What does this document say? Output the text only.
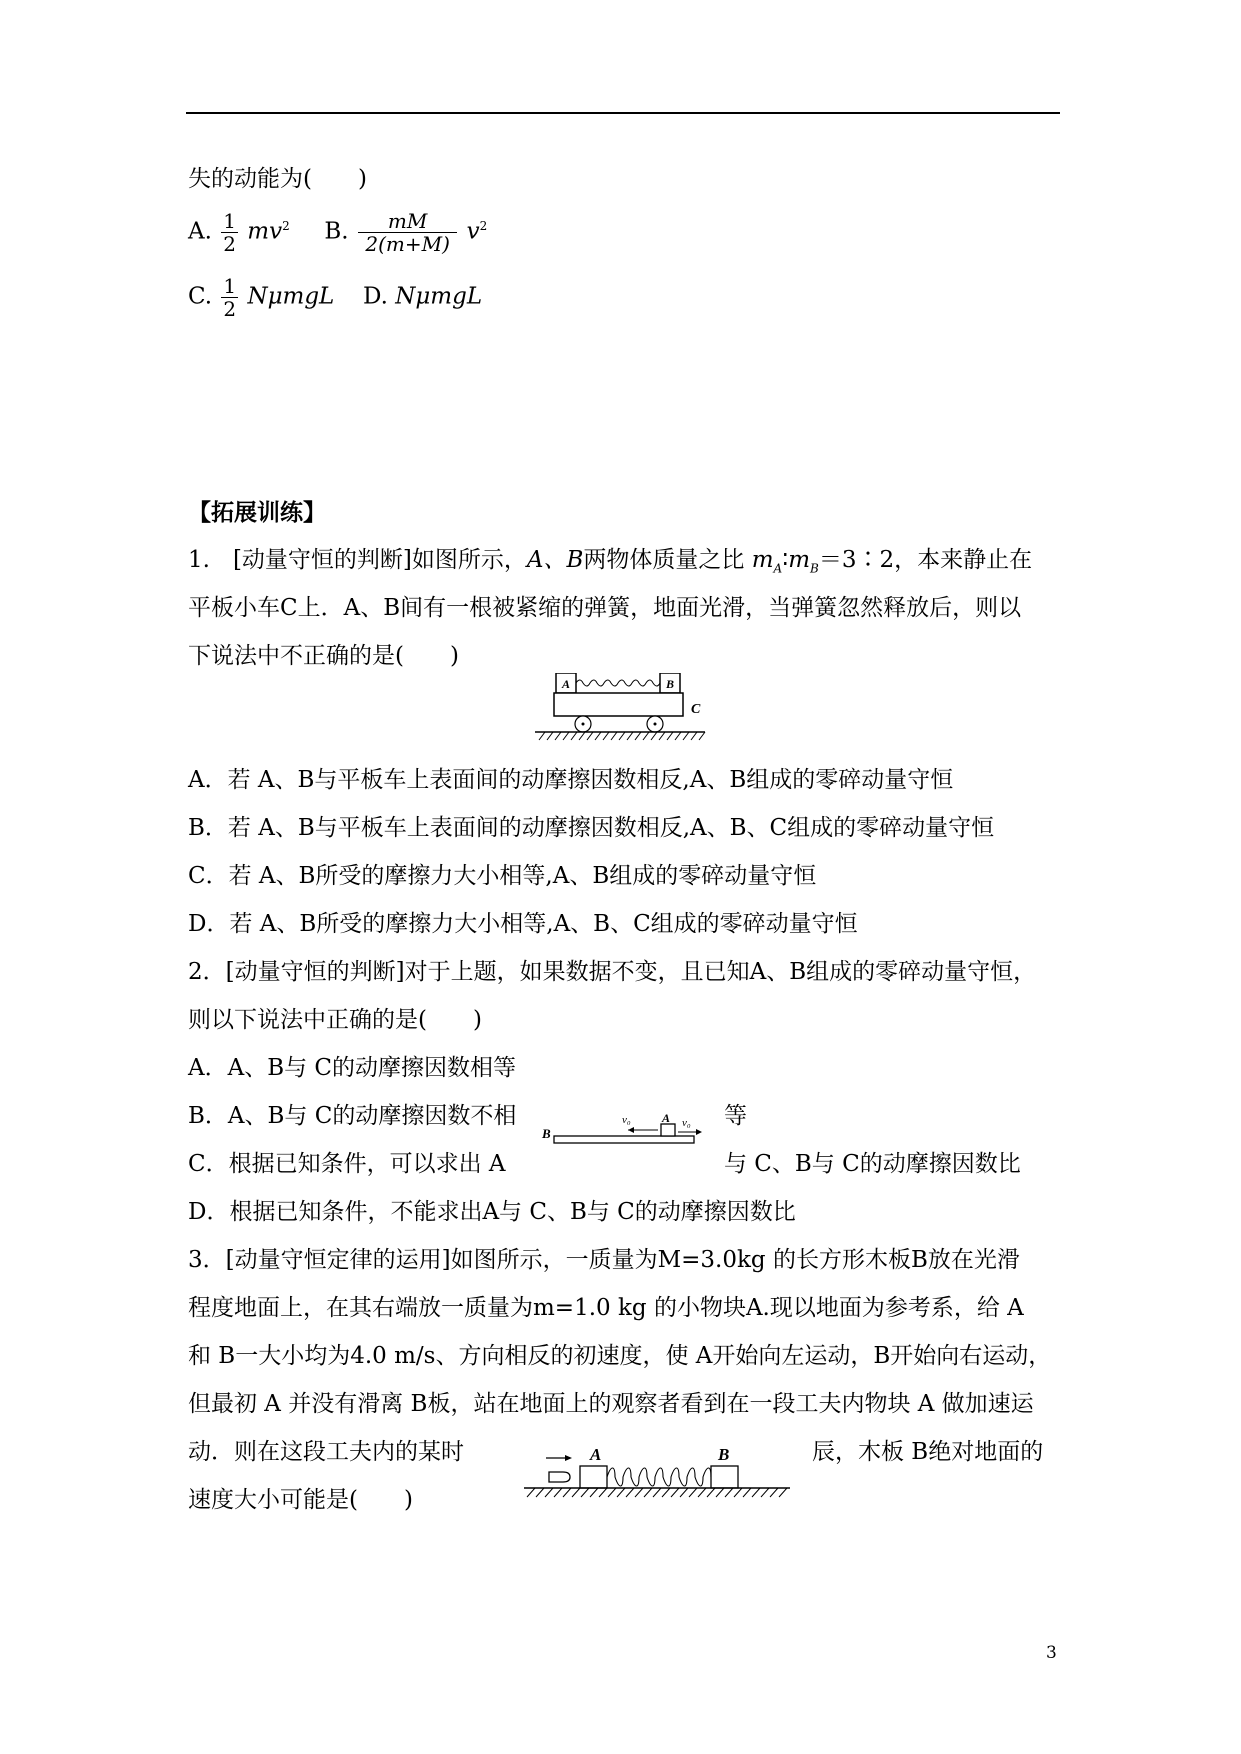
失的动能为(　　)
A. $\frac{1}{2} mv^2$ B. $\frac{mM}{2(m+M)} v^2$
C. $\frac{1}{2}$ NμmgL D. NμmgL
【拓展训练】
1.　[动量守恒的判断]如图所示，A、B两物体质量之比 $m_A∶m_B=3∶2$，本来静止在
平板小车C上．A、B间有一根被紧缩的弹簧，地面光滑，当弹簧忽然释放后，则以
下说法中不正确的是(　　)
A	B
C
A．若 A、B与平板车上表面间的动摩擦因数相反,A、B组成的零碎动量守恒
B．若 A、B与平板车上表面间的动摩擦因数相反,A、B、C组成的零碎动量守恒
C．若 A、B所受的摩擦力大小相等,A、B组成的零碎动量守恒
D．若 A、B所受的摩擦力大小相等,A、B、C组成的零碎动量守恒
2．[动量守恒的判断]对于上题，如果数据不变，且已知A、B组成的零碎动量守恒，
则以下说法中正确的是(　　)
A．A、B与 C的动摩擦因数相等
B．A、B与 C的动摩擦因数不相	等
C．根据已知条件，可以求出 A	与 C、B与 C的动摩擦因数比
D．根据已知条件，不能求出A与 C、B与 C的动摩擦因数比
B
A
v₀	v₀
3．[动量守恒定律的运用]如图所示，一质量为M=3.0kg 的长方形木板B放在光滑
程度地面上，在其右端放一质量为m=1.0 kg 的小物块A.现以地面为参考系，给 A
和 B一大小均为4.0 m/s、方向相反的初速度，使 A开始向左运动，B开始向右运动，
但最初 A 并没有滑离 B板，站在地面上的观察者看到在一段工夫内物块 A 做加速运
动．则在这段工夫内的某时	辰，木板 B绝对地面的
速度大小可能是(　　)
A	B
3
